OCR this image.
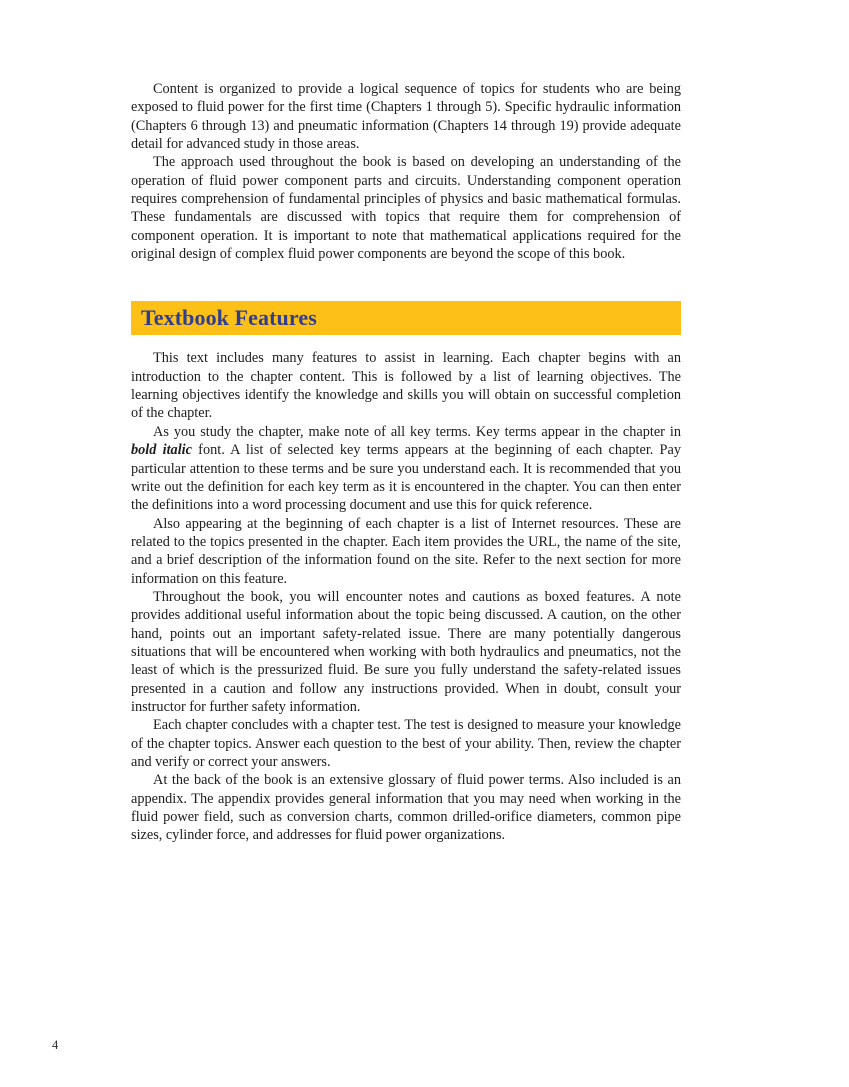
Content is organized to provide a logical sequence of topics for students who are being exposed to fluid power for the first time (Chapters 1 through 5). Specific hydraulic information (Chapters 6 through 13) and pneumatic information (Chapters 14 through 19) provide adequate detail for advanced study in those areas.

The approach used throughout the book is based on developing an understanding of the operation of fluid power component parts and circuits. Understanding component operation requires comprehension of fundamental principles of physics and basic mathematical formulas. These fundamentals are discussed with topics that require them for comprehension of component operation. It is important to note that mathematical applications required for the original design of complex fluid power components are beyond the scope of this book.

Textbook Features

This text includes many features to assist in learning. Each chapter begins with an introduction to the chapter content. This is followed by a list of learning objectives. The learning objectives identify the knowledge and skills you will obtain on successful completion of the chapter.

As you study the chapter, make note of all key terms. Key terms appear in the chapter in bold italic font. A list of selected key terms appears at the beginning of each chapter. Pay particular attention to these terms and be sure you understand each. It is recommended that you write out the definition for each key term as it is encountered in the chapter. You can then enter the definitions into a word processing document and use this for quick reference.

Also appearing at the beginning of each chapter is a list of Internet resources. These are related to the topics presented in the chapter. Each item provides the URL, the name of the site, and a brief description of the information found on the site. Refer to the next section for more information on this feature.

Throughout the book, you will encounter notes and cautions as boxed features. A note provides additional useful information about the topic being discussed. A caution, on the other hand, points out an important safety-related issue. There are many potentially dangerous situations that will be encountered when working with both hydraulics and pneumatics, not the least of which is the pressurized fluid. Be sure you fully understand the safety-related issues presented in a caution and follow any instructions provided. When in doubt, consult your instructor for further safety information.

Each chapter concludes with a chapter test. The test is designed to measure your knowledge of the chapter topics. Answer each question to the best of your ability. Then, review the chapter and verify or correct your answers.

At the back of the book is an extensive glossary of fluid power terms. Also included is an appendix. The appendix provides general information that you may need when working in the fluid power field, such as conversion charts, common drilled-orifice diameters, common pipe sizes, cylinder force, and addresses for fluid power organizations.

4
